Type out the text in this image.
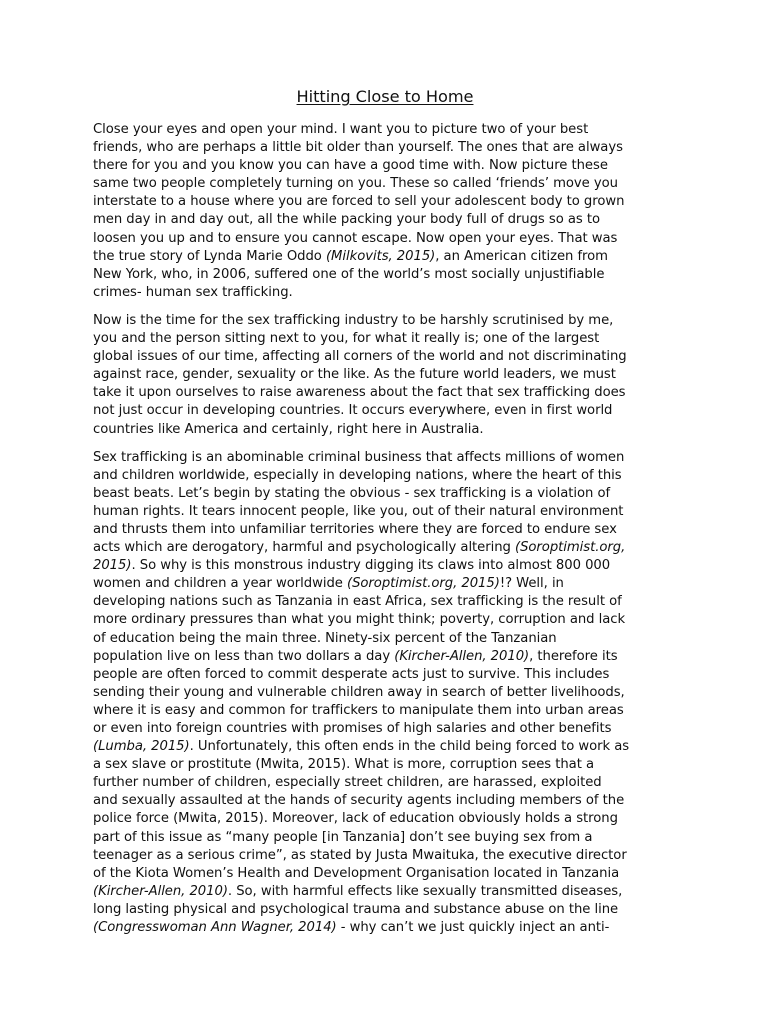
Hitting Close to Home

Close your eyes and open your mind. I want you to picture two of your best
friends, who are perhaps a little bit older than yourself. The ones that are always
there for you and you know you can have a good time with. Now picture these
same two people completely turning on you. These so called ‘friends’ move you
interstate to a house where you are forced to sell your adolescent body to grown
men day in and day out, all the while packing your body full of drugs so as to
loosen you up and to ensure you cannot escape. Now open your eyes. That was
the true story of Lynda Marie Oddo (Milkovits, 2015), an American citizen from
New York, who, in 2006, suffered one of the world’s most socially unjustifiable
crimes- human sex trafficking.

Now is the time for the sex trafficking industry to be harshly scrutinised by me,
you and the person sitting next to you, for what it really is; one of the largest
global issues of our time, affecting all corners of the world and not discriminating
against race, gender, sexuality or the like. As the future world leaders, we must
take it upon ourselves to raise awareness about the fact that sex trafficking does
not just occur in developing countries. It occurs everywhere, even in first world
countries like America and certainly, right here in Australia.

Sex trafficking is an abominable criminal business that affects millions of women
and children worldwide, especially in developing nations, where the heart of this
beast beats. Let’s begin by stating the obvious - sex trafficking is a violation of
human rights. It tears innocent people, like you, out of their natural environment
and thrusts them into unfamiliar territories where they are forced to endure sex
acts which are derogatory, harmful and psychologically altering (Soroptimist.org,
2015). So why is this monstrous industry digging its claws into almost 800 000
women and children a year worldwide (Soroptimist.org, 2015)!? Well, in
developing nations such as Tanzania in east Africa, sex trafficking is the result of
more ordinary pressures than what you might think; poverty, corruption and lack
of education being the main three. Ninety-six percent of the Tanzanian
population live on less than two dollars a day (Kircher-Allen, 2010), therefore its
people are often forced to commit desperate acts just to survive. This includes
sending their young and vulnerable children away in search of better livelihoods,
where it is easy and common for traffickers to manipulate them into urban areas
or even into foreign countries with promises of high salaries and other benefits
(Lumba, 2015). Unfortunately, this often ends in the child being forced to work as
a sex slave or prostitute (Mwita, 2015). What is more, corruption sees that a
further number of children, especially street children, are harassed, exploited
and sexually assaulted at the hands of security agents including members of the
police force (Mwita, 2015). Moreover, lack of education obviously holds a strong
part of this issue as “many people [in Tanzania] don’t see buying sex from a
teenager as a serious crime”, as stated by Justa Mwaituka, the executive director
of the Kiota Women’s Health and Development Organisation located in Tanzania
(Kircher-Allen, 2010). So, with harmful effects like sexually transmitted diseases,
long lasting physical and psychological trauma and substance abuse on the line
(Congresswoman Ann Wagner, 2014) - why can’t we just quickly inject an anti-
